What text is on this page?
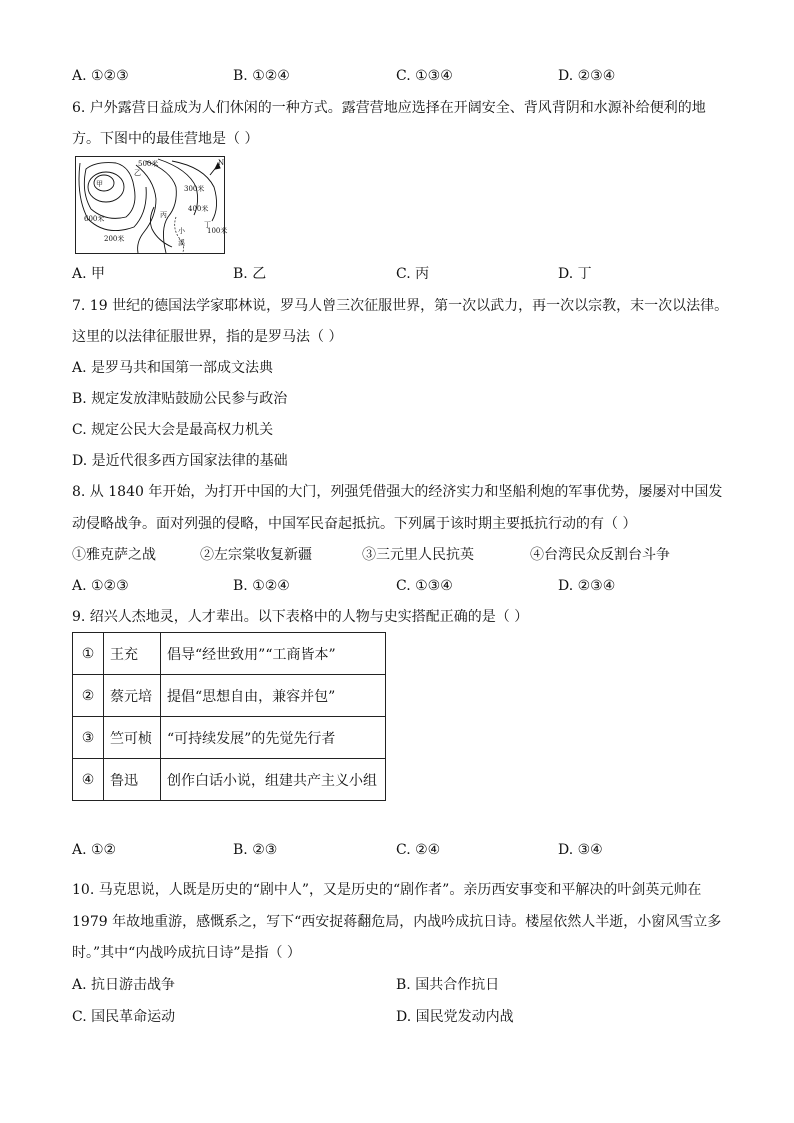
A. ①②③	B. ①②④	C. ①③④	D. ②③④
6. 户外露营日益成为人们休闲的一种方式。露营营地应选择在开阔安全、背风背阴和水源补给便利的地
方。下图中的最佳营地是（ ）
500米
甲
600米
300米
400米
乙
200米
丙
丁
100米
小
溪
N
A. 甲	B. 乙	C. 丙	D. 丁
7. 19 世纪的德国法学家耶林说，罗马人曾三次征服世界，第一次以武力，再一次以宗教，末一次以法律。
这里的以法律征服世界，指的是罗马法（ ）
A. 是罗马共和国第一部成文法典
B. 规定发放津贴鼓励公民参与政治
C. 规定公民大会是最高权力机关
D. 是近代很多西方国家法律的基础
8. 从 1840 年开始，为打开中国的大门，列强凭借强大的经济实力和坚船利炮的军事优势，屡屡对中国发
动侵略战争。面对列强的侵略，中国军民奋起抵抗。下列属于该时期主要抵抗行动的有（ ）
①雅克萨之战	②左宗棠收复新疆	③三元里人民抗英	④台湾民众反割台斗争
A. ①②③	B. ①②④	C. ①③④	D. ②③④
9. 绍兴人杰地灵，人才辈出。以下表格中的人物与史实搭配正确的是（ ）
①	王充	倡导“经世致用”“工商皆本”
②	蔡元培	提倡“思想自由，兼容并包”
③	竺可桢	“可持续发展”的先觉先行者
④	鲁迅	创作白话小说，组建共产主义小组
A. ①②	B. ②③	C. ②④	D. ③④
10. 马克思说，人既是历史的“剧中人”，又是历史的“剧作者”。亲历西安事变和平解决的叶剑英元帅在
1979 年故地重游，感慨系之，写下“西安捉蒋翻危局，内战吟成抗日诗。楼屋依然人半逝，小窗风雪立多
时。”其中“内战吟成抗日诗”是指（ ）
A. 抗日游击战争	B. 国共合作抗日
C. 国民革命运动	D. 国民党发动内战
